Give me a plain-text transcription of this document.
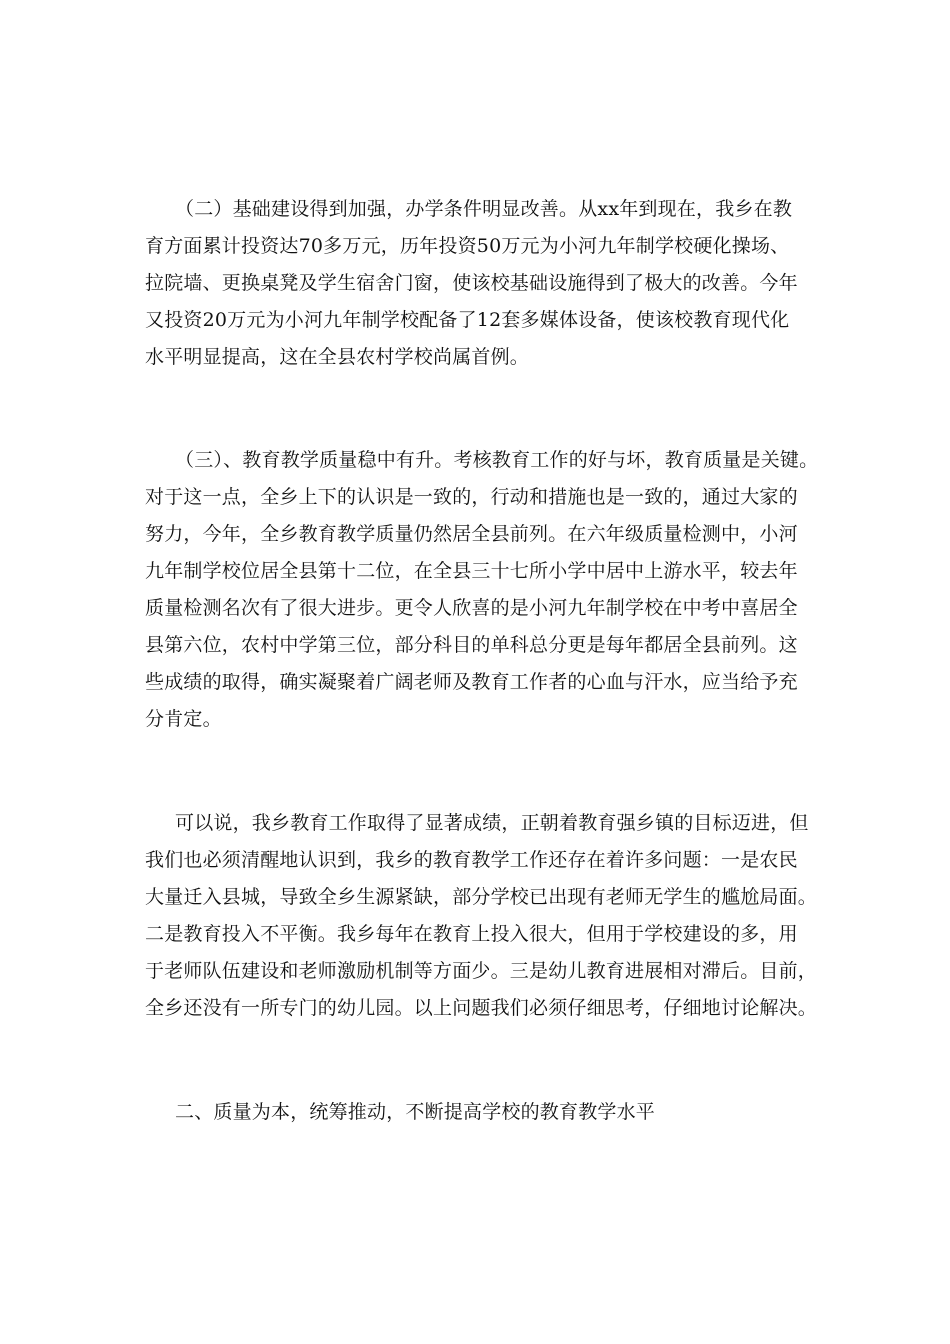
（二）基础建设得到加强，办学条件明显改善。从xx年到现在，我乡在教
育方面累计投资达70多万元，历年投资50万元为小河九年制学校硬化操场、
拉院墙、更换桌凳及学生宿舍门窗，使该校基础设施得到了极大的改善。今年
又投资20万元为小河九年制学校配备了12套多媒体设备，使该校教育现代化
水平明显提高，这在全县农村学校尚属首例。
（三）、教育教学质量稳中有升。考核教育工作的好与坏，教育质量是关键。
对于这一点，全乡上下的认识是一致的，行动和措施也是一致的，通过大家的
努力，今年，全乡教育教学质量仍然居全县前列。在六年级质量检测中，小河
九年制学校位居全县第十二位，在全县三十七所小学中居中上游水平，较去年
质量检测名次有了很大进步。更令人欣喜的是小河九年制学校在中考中喜居全
县第六位，农村中学第三位，部分科目的单科总分更是每年都居全县前列。这
些成绩的取得，确实凝聚着广阔老师及教育工作者的心血与汗水，应当给予充
分肯定。
可以说，我乡教育工作取得了显著成绩，正朝着教育强乡镇的目标迈进，但
我们也必须清醒地认识到，我乡的教育教学工作还存在着许多问题：一是农民
大量迁入县城，导致全乡生源紧缺，部分学校已出现有老师无学生的尴尬局面。
二是教育投入不平衡。我乡每年在教育上投入很大，但用于学校建设的多，用
于老师队伍建设和老师激励机制等方面少。三是幼儿教育进展相对滞后。目前，
全乡还没有一所专门的幼儿园。以上问题我们必须仔细思考，仔细地讨论解决。
二、质量为本，统筹推动，不断提高学校的教育教学水平
